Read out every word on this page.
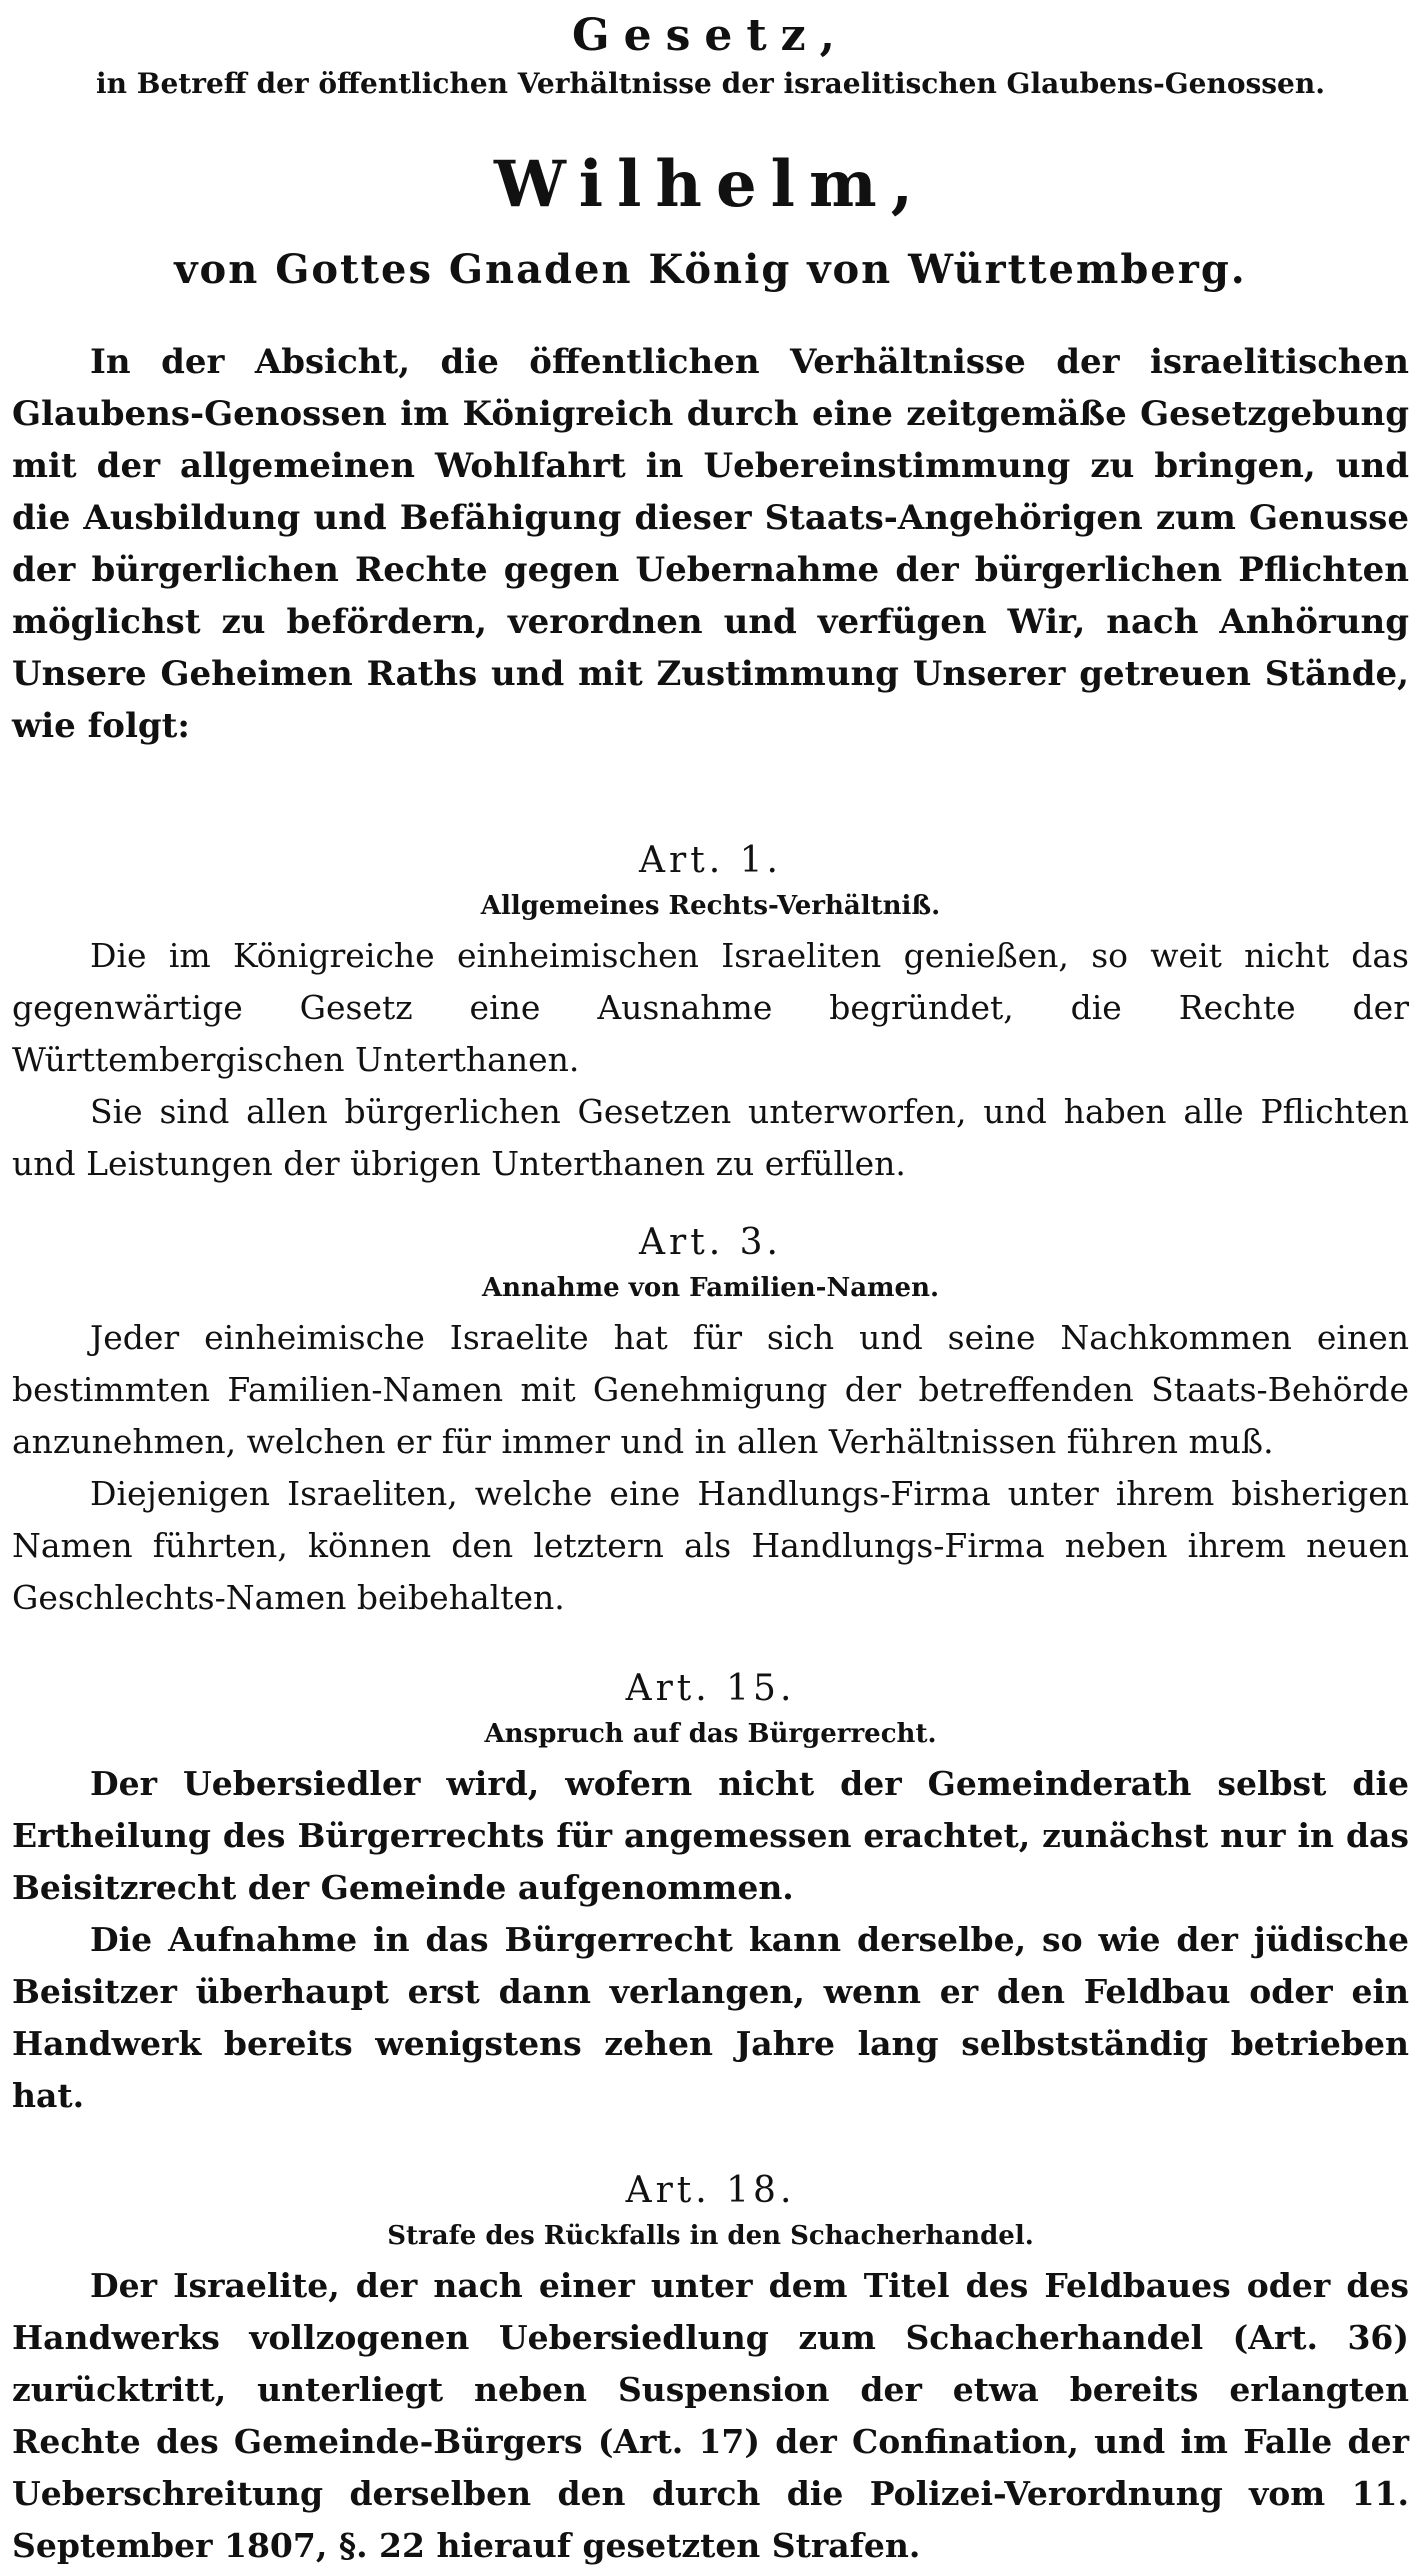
Gesetz,
in Betreff der öffentlichen Verhältnisse der israelitischen Glaubens-Genossen.
Wilhelm,
von Gottes Gnaden König von Württemberg.

In der Absicht, die öffentlichen Verhältnisse der israelitischen Glaubens-Genossen im Königreich durch eine zeitgemäße Gesetzgebung mit der allgemeinen Wohlfahrt in Uebereinstimmung zu bringen, und die Ausbildung und Befähigung dieser Staats-Angehörigen zum Genusse der bürgerlichen Rechte gegen Uebernahme der bürgerlichen Pflichten möglichst zu befördern, verordnen und verfügen Wir, nach Anhörung Unsere Geheimen Raths und mit Zustimmung Unserer getreuen Stände, wie folgt:

Art. 1.
Allgemeines Rechts-Verhältniß.

Die im Königreiche einheimischen Israeliten genießen, so weit nicht das gegenwärtige Gesetz eine Ausnahme begründet, die Rechte der Württembergischen Unterthanen.

Sie sind allen bürgerlichen Gesetzen unterworfen, und haben alle Pflichten und Leistungen der übrigen Unterthanen zu erfüllen.

Art. 3.
Annahme von Familien-Namen.

Jeder einheimische Israelite hat für sich und seine Nachkommen einen bestimmten Familien-Namen mit Genehmigung der betreffenden Staats-Behörde anzunehmen, welchen er für immer und in allen Verhältnissen führen muß.

Diejenigen Israeliten, welche eine Handlungs-Firma unter ihrem bisherigen Namen führten, können den letztern als Handlungs-Firma neben ihrem neuen Geschlechts-Namen beibehalten.

Art. 15.
Anspruch auf das Bürgerrecht.

Der Uebersiedler wird, wofern nicht der Gemeinderath selbst die Ertheilung des Bürgerrechts für angemessen erachtet, zunächst nur in das Beisitzrecht der Gemeinde aufgenommen.

Die Aufnahme in das Bürgerrecht kann derselbe, so wie der jüdische Beisitzer überhaupt erst dann verlangen, wenn er den Feldbau oder ein Handwerk bereits wenigstens zehen Jahre lang selbstständig betrieben hat.

Art. 18.
Strafe des Rückfalls in den Schacherhandel.

Der Israelite, der nach einer unter dem Titel des Feldbaues oder des Handwerks vollzogenen Uebersiedlung zum Schacherhandel (Art. 36) zurücktritt, unterliegt neben Suspension der etwa bereits erlangten Rechte des Gemeinde-Bürgers (Art. 17) der Confination, und im Falle der Ueberschreitung derselben den durch die Polizei-Verordnung vom 11. September 1807, §. 22 hierauf gesetzten Strafen.
